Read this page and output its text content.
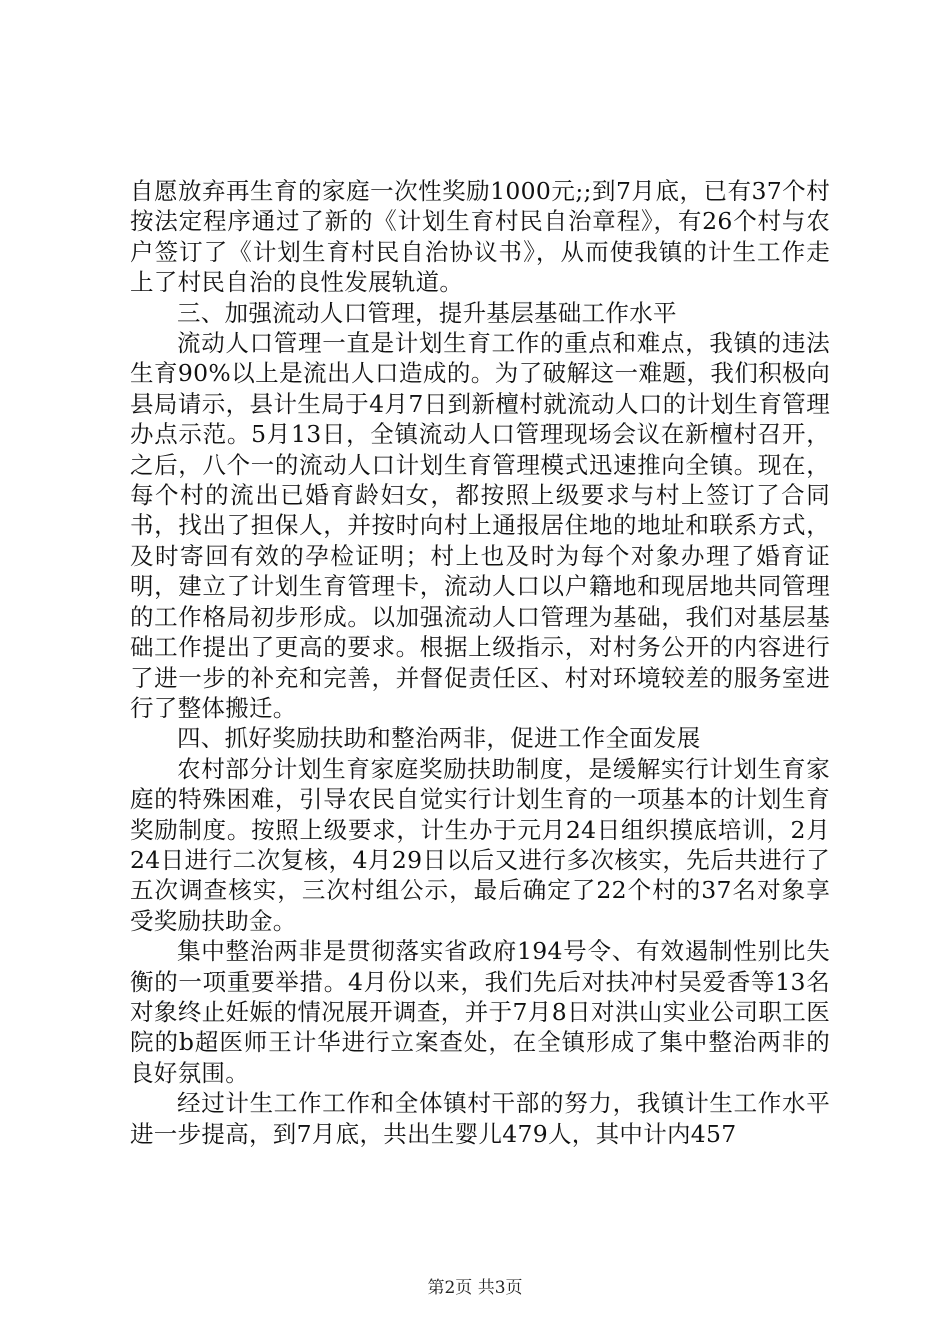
自愿放弃再生育的家庭一次性奖励1000元;;到7月底，已有37个村按法定程序通过了新的《计划生育村民自治章程》，有26个村与农户签订了《计划生育村民自治协议书》，从而使我镇的计生工作走上了村民自治的良性发展轨道。

三、加强流动人口管理，提升基层基础工作水平

流动人口管理一直是计划生育工作的重点和难点，我镇的违法生育90%以上是流出人口造成的。为了破解这一难题，我们积极向县局请示，县计生局于4月7日到新檀村就流动人口的计划生育管理办点示范。5月13日，全镇流动人口管理现场会议在新檀村召开，之后，八个一的流动人口计划生育管理模式迅速推向全镇。现在，每个村的流出已婚育龄妇女，都按照上级要求与村上签订了合同书，找出了担保人，并按时向村上通报居住地的地址和联系方式，及时寄回有效的孕检证明；村上也及时为每个对象办理了婚育证明，建立了计划生育管理卡，流动人口以户籍地和现居地共同管理的工作格局初步形成。以加强流动人口管理为基础，我们对基层基础工作提出了更高的要求。根据上级指示，对村务公开的内容进行了进一步的补充和完善，并督促责任区、村对环境较差的服务室进行了整体搬迁。

四、抓好奖励扶助和整治两非，促进工作全面发展

农村部分计划生育家庭奖励扶助制度，是缓解实行计划生育家庭的特殊困难，引导农民自觉实行计划生育的一项基本的计划生育奖励制度。按照上级要求，计生办于元月24日组织摸底培训，2月24日进行二次复核，4月29日以后又进行多次核实，先后共进行了五次调查核实，三次村组公示，最后确定了22个村的37名对象享受奖励扶助金。

集中整治两非是贯彻落实省政府194号令、有效遏制性别比失衡的一项重要举措。4月份以来，我们先后对扶冲村吴爱香等13名对象终止妊娠的情况展开调查，并于7月8日对洪山实业公司职工医院的b超医师王计华进行立案查处，在全镇形成了集中整治两非的良好氛围。

经过计生工作工作和全体镇村干部的努力，我镇计生工作水平进一步提高，到7月底，共出生婴儿479人，其中计内457

第2页 共3页
